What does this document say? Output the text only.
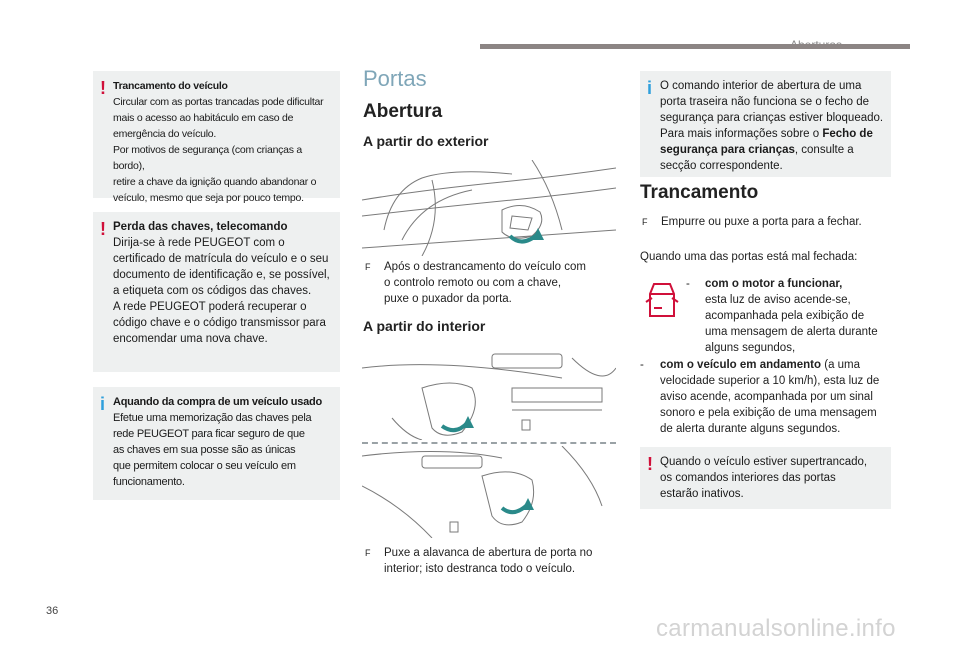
! Trancamento do veículo
Circular com as portas trancadas pode dificultar
mais o acesso ao habitáculo em caso de
emergência do veículo.
Por motivos de segurança (com crianças a bordo),
retire a chave da ignição quando abandonar o
veículo, mesmo que seja por pouco tempo.
! Perda das chaves, telecomando
Dirija-se à rede PEUGEOT com o
certificado de matrícula do veículo e o seu
documento de identificação e, se possível,
a etiqueta com os códigos das chaves.
A rede PEUGEOT poderá recuperar o
código chave e o código transmissor para
encomendar uma nova chave.
i Aquando da compra de um veículo usado
Efetue uma memorização das chaves pela
rede PEUGEOT para ficar seguro de que
as chaves em sua posse são as únicas
que permitem colocar o seu veículo em
funcionamento.
Portas
Abertura
A partir do exterior
F Após o destrancamento do veículo com
o controlo remoto ou com a chave,
puxe o puxador da porta.
A partir do interior
F Puxe a alavanca de abertura de porta no
interior; isto destranca todo o veículo.
i O comando interior de abertura de uma
porta traseira não funciona se o fecho de
segurança para crianças estiver bloqueado.
Para mais informações sobre o Fecho de
segurança para crianças, consulte a
secção correspondente.
Trancamento
F Empurre ou puxe a porta para a fechar.
Quando uma das portas está mal fechada:
- com o motor a funcionar,
esta luz de aviso acende-se,
acompanhada pela exibição de
uma mensagem de alerta durante
alguns segundos,
- com o veículo em andamento (a uma
velocidade superior a 10 km/h), esta luz de
aviso acende, acompanhada por um sinal
sonoro e pela exibição de uma mensagem
de alerta durante alguns segundos.
! Quando o veículo estiver supertrancado,
os comandos interiores das portas
estarão inativos.
36
carmanualsonline.info
